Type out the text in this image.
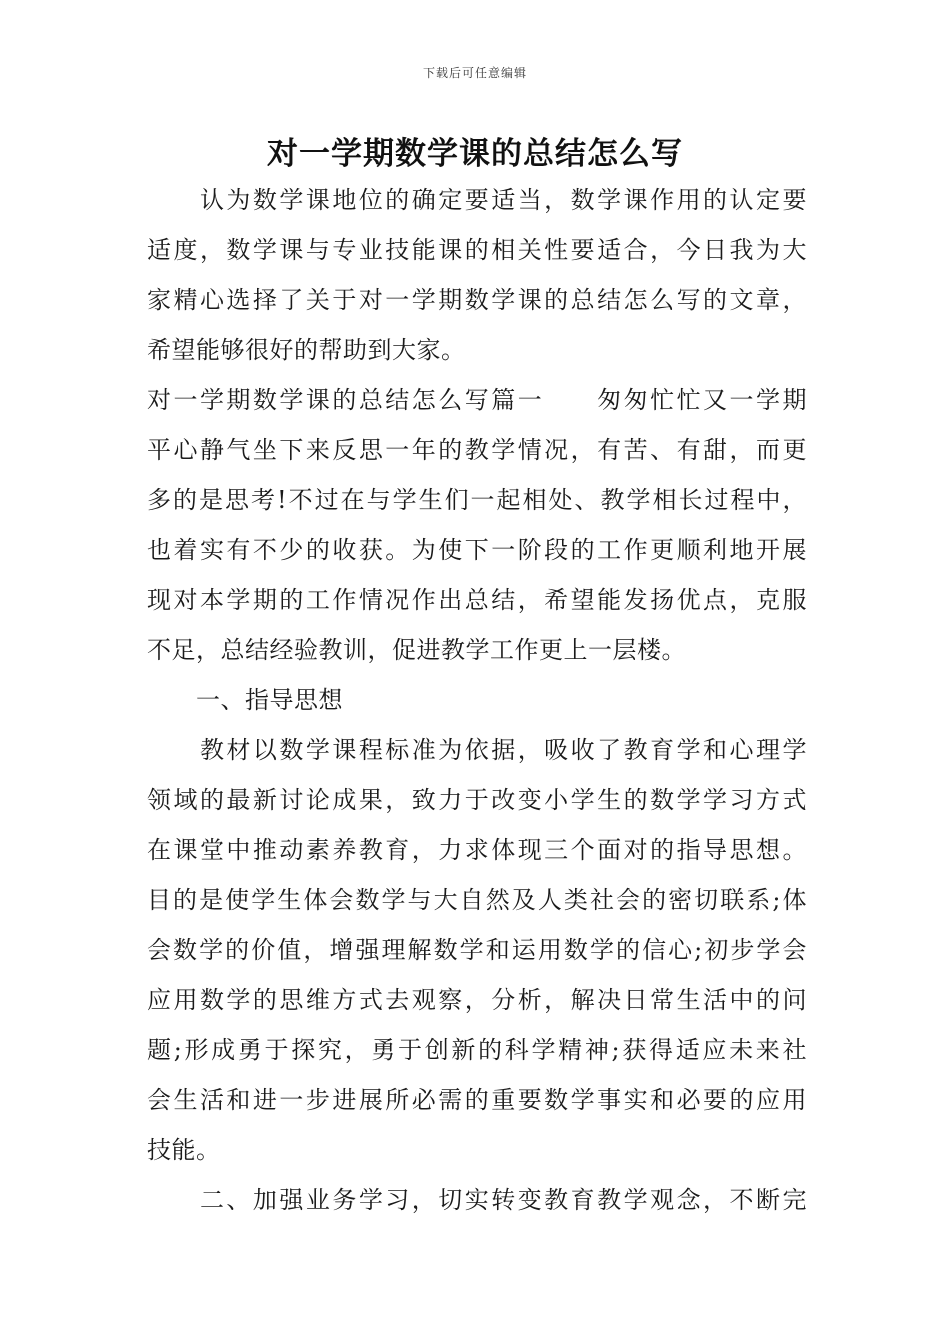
下载后可任意编辑
对一学期数学课的总结怎么写
　　认为数学课地位的确定要适当，数学课作用的认定要
适度，数学课与专业技能课的相关性要适合，今日我为大
家精心选择了关于对一学期数学课的总结怎么写的文章，
希望能够很好的帮助到大家。
对一学期数学课的总结怎么写篇一　　匆匆忙忙又一学期
平心静气坐下来反思一年的教学情况，有苦、有甜，而更
多的是思考!不过在与学生们一起相处、教学相长过程中，
也着实有不少的收获。为使下一阶段的工作更顺利地开展
现对本学期的工作情况作出总结，希望能发扬优点，克服
不足，总结经验教训，促进教学工作更上一层楼。
　　一、指导思想
　　教材以数学课程标准为依据，吸收了教育学和心理学
领域的最新讨论成果，致力于改变小学生的数学学习方式
在课堂中推动素养教育，力求体现三个面对的指导思想。
目的是使学生体会数学与大自然及人类社会的密切联系;体
会数学的价值，增强理解数学和运用数学的信心;初步学会
应用数学的思维方式去观察，分析，解决日常生活中的问
题;形成勇于探究，勇于创新的科学精神;获得适应未来社
会生活和进一步进展所必需的重要数学事实和必要的应用
技能。
　　二、加强业务学习，切实转变教育教学观念，不断完
